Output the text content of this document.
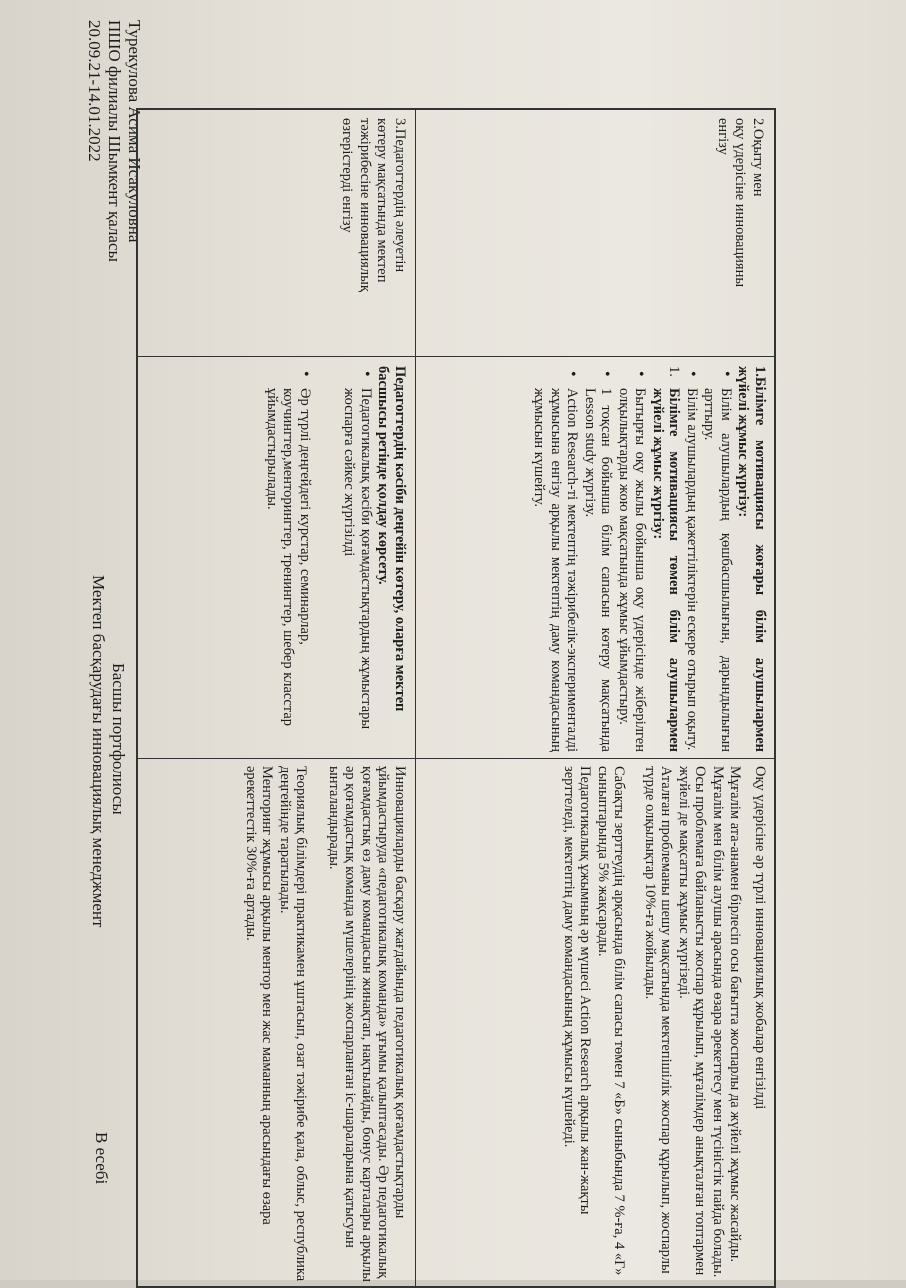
Турекулова Асима Исакуловна
ПШО филиалы Шымкент қаласы
20.09.21-14.01.2022
Басшы портфолиосы
Мектеп басқарудағы инновациялық менеджмент
В есебі

2.Оқыту мен

оқу үдерісіне инновацияны

енгізу

1.Білімге мотивациясы жоғары білім алушылармен жүйелі жұмыс жүргізу:

• Білім алушылардың қөшбасшылығын, дарындылығын арттыру.
• Білім алушылардың қажеттіліктерін ескере отырып оқыту.

1.
Білімге мотивациясы төмен білім алушылармен жүйелі жұмыс жүргізу:

• Бытырғы оқу жылы бойынша оқу үдерісінде жіберілген олқылықтарды жою мақсатында жұмыс ұйымдастыру.
• 1 тоқсан бойынша білім сапасын көтеру мақсатында Lesson study жүргізу.
• Action Research-ті мектептің тәжірибелік-эксперименталдi жұмысына енгізу арқылы мектептің даму командасының жұмысын күшейту.

Оқу үдерісіне әр түрлі инновациялық жобалар енгізілді

Мұғалім ата-анамен бірлесіп осы бағытта жоспарлы да жүйелі жұмыс жасайды.

Мұғалім мен білім алушы арасында өзара әрекеттесу мен түсіністік пайда болады.

Осы проблемаға байланысты жоспар құрылып, мұғалімдер анықталған топтармен жүйелі де мақсатты жұмыс жүргізеді.

Аталған проблеманы шешу мақсатында мектепішілік жоспар құрылып, жоспарлы түрде олқылықтар 10%-ға жойылады.

Сабақты зерттеудің арқасында білім сапасы төмен 7 «Б» сыныбында 7 %-ға, 4 «Г» сыныптарында 5% жақсарады.

Педагогикалық ұжымның әр мүшесі Action Research арқылы жан-жақты зерттеледі, мектептің даму командасының жұмысы күшейеді.

3.Педагогтердің әлеуетін

көтеру мақсатында мектеп

тәжірибесіне инновациялық

өзгерістерді енгізу

Педагогтердің кәсіби деңгейін көтеру, оларға мектеп басшысы ретінде қолдау көрсету.

• Педагогикалық кәсіби қоғамдастықтардың жұмыстары жоспарға сәйкес жүргізілді
• Әр түрлі деңгейдегі курстар, семинарлар, коучингтер,менторингтер, тренингтер, шебер класстар ұйымдастырылады.

Инновацияларды басқару жағдайында педагогикалық қоғамдастықтарды ұйымдастыруда «педагогикалық команда» ұғымы қалыптасады. Әр педагогикалық қоғамдастық өз даму командасын жинақтап, нақтылайды, бонус карталары арқылы әр қоғамдастық команда мүшелерінің жоспарланған іс-шараларына қатысуын ынталандырады.

Теориялық білімдері практикамен ұштасып, озат тәжірибе қала, облыс, республика деңгейінде таратылады.

Менторинг жұмысы арқылы ментор мен жас маманның арасындағы өзара әрекеттестік 30%-ға артады.
